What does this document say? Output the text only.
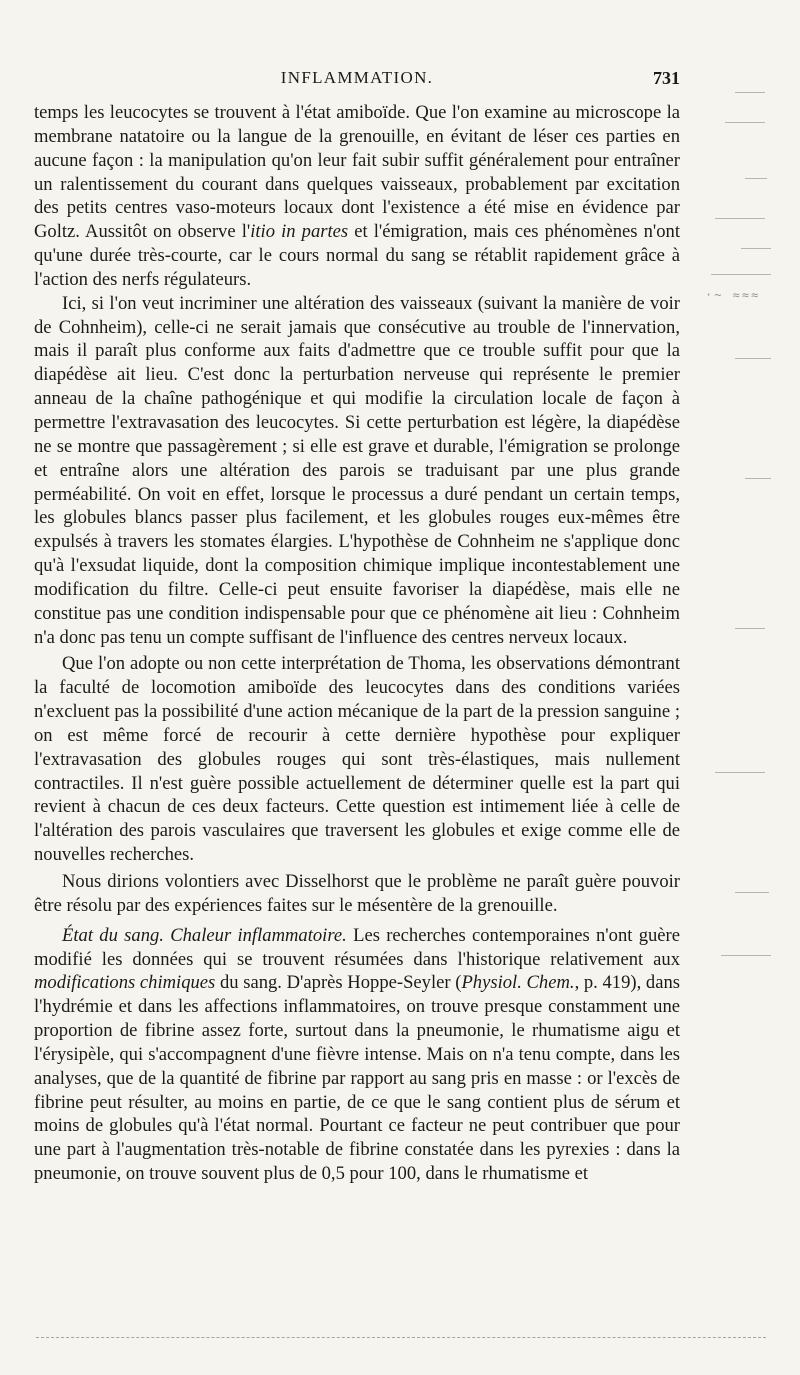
INFLAMMATION.	731

temps les leucocytes se trouvent à l'état amiboïde. Que l'on examine au microscope la membrane natatoire ou la langue de la grenouille, en évitant de léser ces parties en aucune façon : la manipulation qu'on leur fait subir suffit généralement pour entraîner un ralentissement du courant dans quelques vaisseaux, probablement par excitation des petits centres vaso-moteurs locaux dont l'existence a été mise en évidence par Goltz. Aussitôt on observe l'itio in partes et l'émigration, mais ces phénomènes n'ont qu'une durée très-courte, car le cours normal du sang se rétablit rapidement grâce à l'action des nerfs régulateurs.

Ici, si l'on veut incriminer une altération des vaisseaux (suivant la manière de voir de Cohnheim), celle-ci ne serait jamais que consécutive au trouble de l'innervation, mais il paraît plus conforme aux faits d'admettre que ce trouble suffit pour que la diapédèse ait lieu. C'est donc la perturbation nerveuse qui représente le premier anneau de la chaîne pathogénique et qui modifie la circulation locale de façon à permettre l'extravasation des leucocytes. Si cette perturbation est légère, la diapédèse ne se montre que passagèrement ; si elle est grave et durable, l'émigration se prolonge et entraîne alors une altération des parois se traduisant par une plus grande perméabilité. On voit en effet, lorsque le processus a duré pendant un certain temps, les globules blancs passer plus facilement, et les globules rouges eux-mêmes être expulsés à travers les stomates élargies. L'hypothèse de Cohnheim ne s'applique donc qu'à l'exsudat liquide, dont la composition chimique implique incontestablement une modification du filtre. Celle-ci peut ensuite favoriser la diapédèse, mais elle ne constitue pas une condition indispensable pour que ce phénomène ait lieu : Cohnheim n'a donc pas tenu un compte suffisant de l'influence des centres nerveux locaux.

Que l'on adopte ou non cette interprétation de Thoma, les observations démontrant la faculté de locomotion amiboïde des leucocytes dans des conditions variées n'excluent pas la possibilité d'une action mécanique de la part de la pression sanguine ; on est même forcé de recourir à cette dernière hypothèse pour expliquer l'extravasation des globules rouges qui sont très-élastiques, mais nullement contractiles. Il n'est guère possible actuellement de déterminer quelle est la part qui revient à chacun de ces deux facteurs. Cette question est intimement liée à celle de l'altération des parois vasculaires que traversent les globules et exige comme elle de nouvelles recherches.

Nous dirions volontiers avec Disselhorst que le problème ne paraît guère pouvoir être résolu par des expériences faites sur le mésentère de la grenouille.

État du sang. Chaleur inflammatoire. Les recherches contemporaines n'ont guère modifié les données qui se trouvent résumées dans l'historique relativement aux modifications chimiques du sang. D'après Hoppe-Seyler (Physiol. Chem., p. 419), dans l'hydrémie et dans les affections inflammatoires, on trouve presque constamment une proportion de fibrine assez forte, surtout dans la pneumonie, le rhumatisme aigu et l'érysipèle, qui s'accompagnent d'une fièvre intense. Mais on n'a tenu compte, dans les analyses, que de la quantité de fibrine par rapport au sang pris en masse : or l'excès de fibrine peut résulter, au moins en partie, de ce que le sang contient plus de sérum et moins de globules qu'à l'état normal. Pourtant ce facteur ne peut contribuer que pour une part à l'augmentation très-notable de fibrine constatée dans les pyrexies : dans la pneumonie, on trouve souvent plus de 0,5 pour 100, dans le rhumatisme et

·~ ≈≈≈
